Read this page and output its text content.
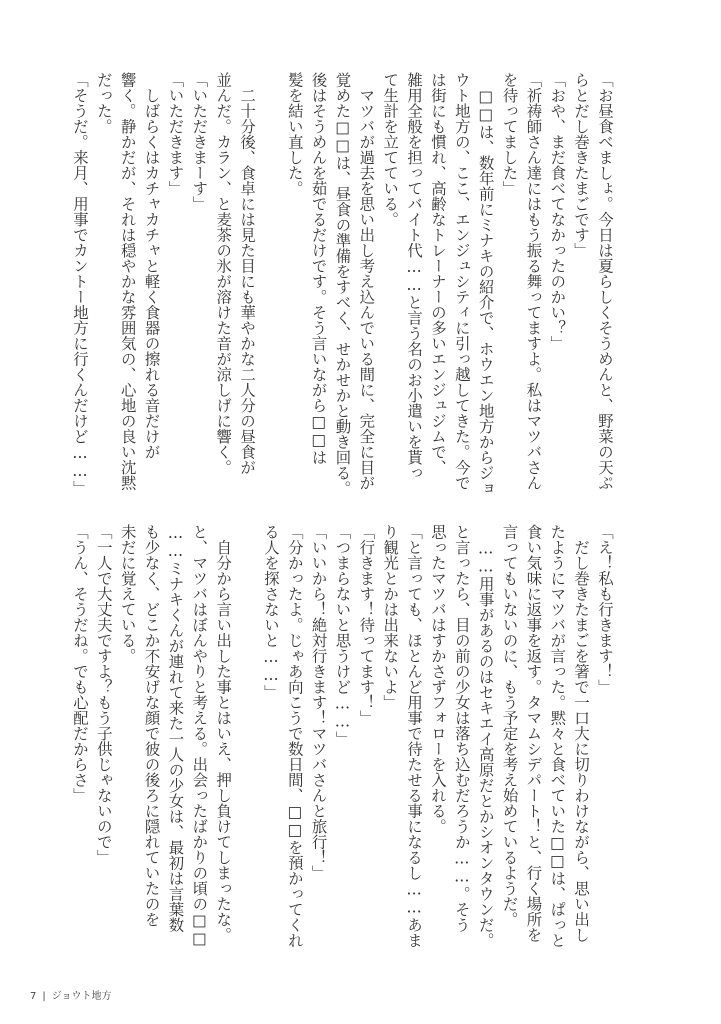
「お昼食べましょ。今日は夏らしくそうめんと、野菜の天ぷ
らとだし巻きたまごです」
「おや、まだ食べてなかったのかい？」
「祈祷師さん達にはもう振る舞ってますよ。私はマツバさん
を待ってました」
　□□は、数年前にミナキの紹介で、ホウエン地方からジョ
ウト地方の、ここ、エンジュシティに引っ越してきた。今で
は街にも慣れ、高齢なトレーナーの多いエンジュジムで、
雑用全般を担ってバイト代……と言う名のお小遣いを貰っ
て生計を立てている。
　マツバが過去を思い出し考え込んでいる間に、完全に目が
覚めた□□は、昼食の準備をすべく、せかせかと動き回る。
後はそうめんを茹でるだけです。そう言いながら□□は
髪を結い直した。
　二十分後、食卓には見た目にも華やかな二人分の昼食が
並んだ。カラン、と麦茶の氷が溶けた音が涼しげに響く。
「いただきまーす」
「いただきます」
　しばらくはカチャカチャと軽く食器の擦れる音だけが
響く。静かだが、それは穏やかな雰囲気の、心地の良い沈黙
だった。
「そうだ。来月、用事でカントー地方に行くんだけど……」
「え！私も行きます！」
　だし巻きたまごを箸で一口大に切りわけながら、思い出し
たようにマツバが言った。黙々と食べていた□□は、ぱっと
食い気味に返事を返す。タマムシデパート！と、行く場所を
言ってもいないのに、もう予定を考え始めているようだ。
　……用事があるのはセキエイ高原だとかシオンタウンだ。
と言ったら、目の前の少女は落ち込むだろうか……。そう
思ったマツバはすかさずフォローを入れる。
「と言っても、ほとんど用事で待たせる事になるし……あま
り観光とかは出来ないよ」
「行きます！待ってます！」
「つまらないと思うけど……」
「いいから！絶対行きます！マツバさんと旅行！」
「分かったよ。じゃあ向こうで数日間、□□を預かってくれ
る人を探さないと……」
　自分から言い出した事とはいえ、押し負けてしまったな。
と、マツバはぼんやりと考える。出会ったばかりの頃の□□
……ミナキくんが連れて来た一人の少女は、最初は言葉数
も少なく、どこか不安げな顔で彼の後ろに隠れていたのを
未だに覚えている。
「一人で大丈夫ですよ？もう子供じゃないので」
「うん、そうだね。でも心配だからさ」
7 | ジョウト地方
